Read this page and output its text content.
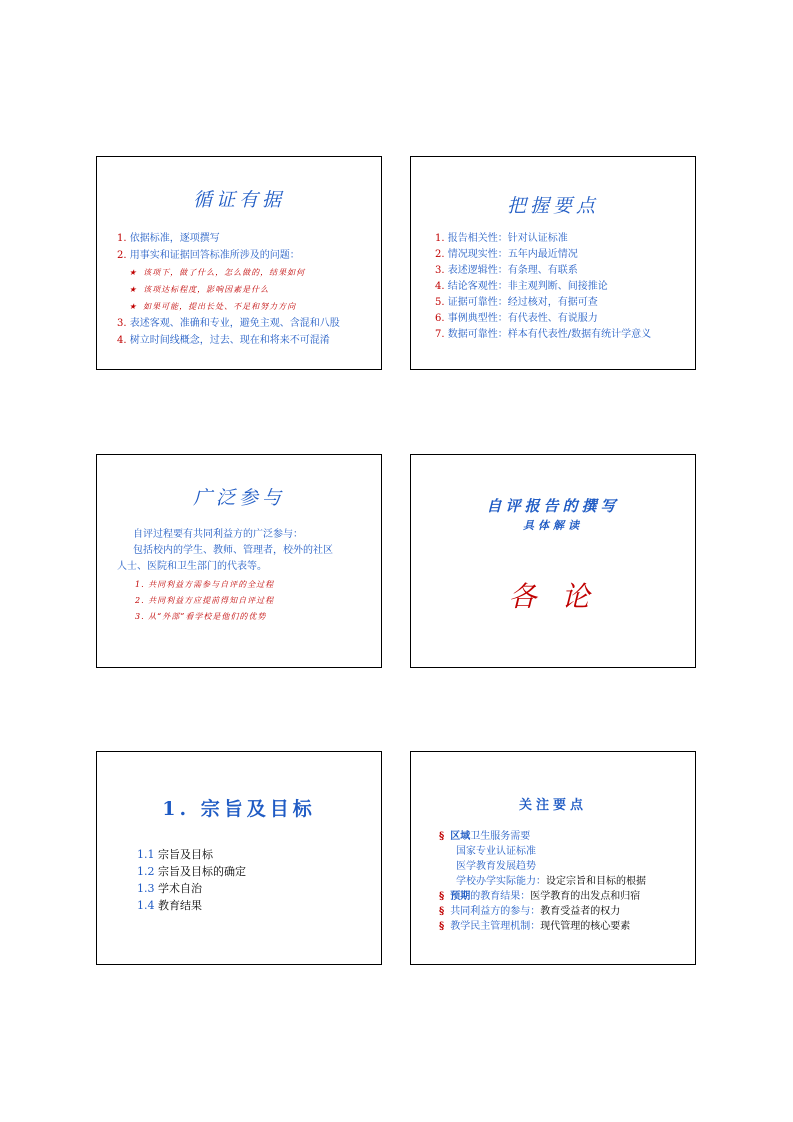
循证有据
1. 依据标准，逐项撰写
2. 用事实和证据回答标准所涉及的问题：
★ 该项下，做了什么，怎么做的，结果如何
★ 该项达标程度，影响因素是什么
★ 如果可能，提出长处、不足和努力方向
3. 表述客观、准确和专业，避免主观、含混和八股
4. 树立时间线概念，过去、现在和将来不可混淆
把握要点
1. 报告相关性：针对认证标准
2. 情况现实性：五年内最近情况
3. 表述逻辑性：有条理、有联系
4. 结论客观性：非主观判断、间接推论
5. 证据可靠性：经过核对，有据可查
6. 事例典型性：有代表性、有说服力
7. 数据可靠性：样本有代表性/数据有统计学意义
广泛参与
自评过程要有共同利益方的广泛参与：
包括校内的学生、教师、管理者，校外的社区
人士、医院和卫生部门的代表等。
1. 共同利益方需参与自评的全过程
2. 共同利益方应提前得知自评过程
3. 从“外部”看学校是他们的优势
自评报告的撰写
具体解读
各 论
1. 宗旨及目标
1.1 宗旨及目标
1.2 宗旨及目标的确定
1.3 学术自治
1.4 教育结果
关注要点
§ 区域卫生服务需要
国家专业认证标准
医学教育发展趋势
学校办学实际能力：设定宗旨和目标的根据
§ 预期的教育结果：医学教育的出发点和归宿
§ 共同利益方的参与：教育受益者的权力
§ 教学民主管理机制：现代管理的核心要素
